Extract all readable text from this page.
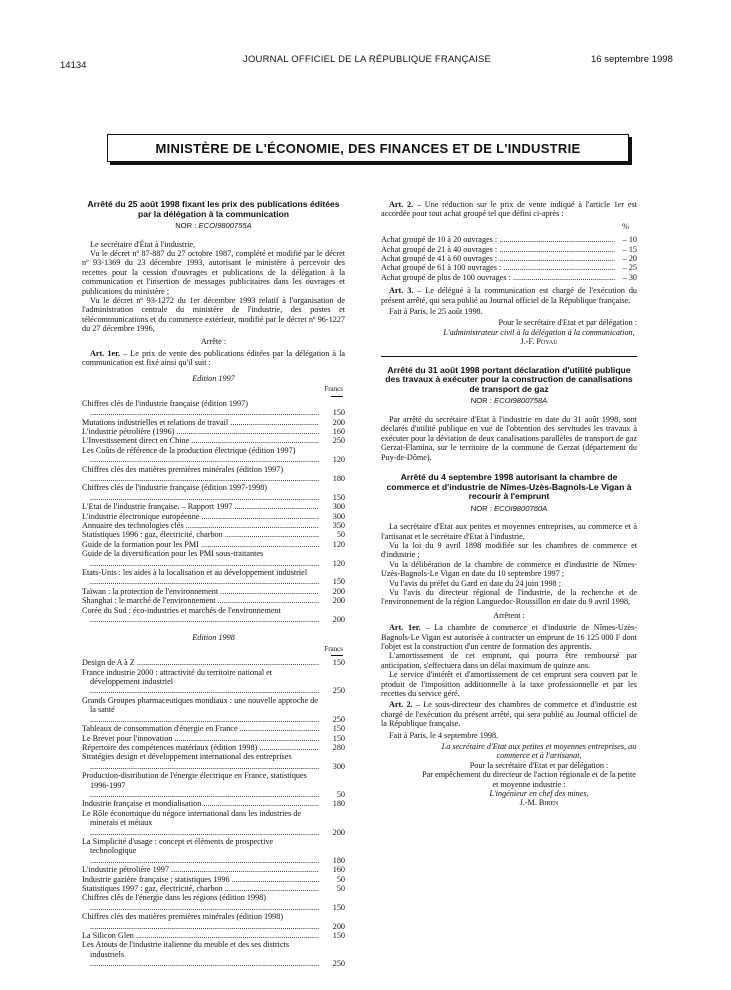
14134
JOURNAL OFFICIEL DE LA RÉPUBLIQUE FRANÇAISE	16 septembre 1998
MINISTÈRE DE L'ÉCONOMIE, DES FINANCES ET DE L'INDUSTRIE
Arrêté du 25 août 1998 fixant les prix des publications éditées par la délégation à la communication
NOR : ECOI9800755A

Le secrétaire d'État à l'industrie,

Vu le décret nº 87-887 du 27 octobre 1987, complété et modifié par le décret nº 93-1369 du 23 décembre 1993, autorisant le ministère à percevoir des recettes pour la cession d'ouvrages et publications de la délégation à la communication et l'insertion de messages publicitaires dans les ouvrages et publications du ministère ;

Vu le décret nº 93-1272 du 1er décembre 1993 relatif à l'organisation de l'administration centrale du ministère de l'industrie, des postes et télécommunications et du commerce extérieur, modifié par le décret nº 96-1227 du 27 décembre 1996,

Arrête :

Art. 1er. – Le prix de vente des publications éditées par la délégation à la communication est fixé ainsi qu'il suit :

Edition 1997
Francs
Chiffres clés de l'industrie française (édition 1997) .....
150
Mutations industrielles et relations de travail .....	200
L'industrie pétrolière (1996) .....	160
L'Investissement direct en Chine .....	250
Les Coûts de référence de la production électrique (édition 1997) .....
120
Chiffres clés des matières premières minérales (édition 1997) .....
180
Chiffres clés de l'industrie française (édition 1997-1998) .....
150
L'Etat de l'industrie française. – Rapport 1997 .....	300
L'industrie électronique européenne .....	300
Annuaire des technologies clés .....	350
Statistiques 1996 : gaz, électricité, charbon .....	50
Guide de la formation pour les PMI .....	120
Guide de la diversification pour les PMI sous-traitantes .....
120
Etats-Unis : les aides à la localisation et au développement industriel .....
150
Taïwan : la protection de l'environnement .....	200
Shanghai : le marché de l'environnement .....	200
Corée du Sud : éco-industries et marchés de l'environnement .....
200
Edition 1998
Francs
Design de A à Z .....	150
France industrie 2000 : attractivité du territoire national et développement industriel .....
250
Grands Groupes pharmaceutiques mondiaux : une nouvelle approche de la santé .....
250
Tableaux de consommation d'énergie en France .....	150
Le Brevet pour l'innovation .....	150
Répertoire des compétences matériaux (édition 1998) .....	280
Stratégies design et développement international des entreprises .....
300
Production-distribution de l'énergie électrique en France, statistiques 1996-1997 .....
50
Industrie française et mondialisation .....	180
Le Rôle économique du négoce international dans les industries de minerais et métaux .....
200
La Simplicité d'usage : concept et éléments de prospective technologique .....
180
L'industrie pétrolière 1997 .....	160
Industrie gazière française ; statistiques 1996 .....	50
Statistiques 1997 : gaz, électricité, charbon .....	50
Chiffres clés de l'énergie dans les régions (édition 1998) .....
150
Chiffres clés des matières premières minérales (édition 1998) .....
200
La Silicon Glen .....	150
Les Atouts de l'industrie italienne du meuble et des ses districts industriels .....
250

Art. 2. – Une réduction sur le prix de vente indiqué à l'article 1er est accordée pour tout achat groupé tel que défini ci-après :

%
Achat groupé de 10 à 20 ouvrages : .....	– 10
Achat groupé de 21 à 40 ouvrages : .....	– 15
Achat groupé de 41 à 60 ouvrages : .....	– 20
Achat groupé de 61 à 100 ouvrages : .....	– 25
Achat groupé de plus de 100 ouvrages : .....	– 30

Art. 3. – Le délégué à la communication est chargé de l'exécution du présent arrêté, qui sera publié au Journal officiel de la République française.

Fait à Paris, le 25 août 1998.

Pour le secrétaire d'Etat et par délégation :

L'administrateur civil à la délégation à la communication,

J.-F. Poyau

Arrêté du 31 août 1998 portant déclaration d'utilité publique des travaux à exécuter pour la construction de canalisations de transport de gaz
NOR : ECOI9800758A

Par arrêté du secrétaire d'Etat à l'industrie en date du 31 août 1998, sont déclarés d'utilité publique en vue de l'obtention des servitudes les travaux à exécuter pour la déviation de deux canalisations parallèles de transport de gaz Gerzat-Flamina, sur le territoire de la commune de Gerzat (département du Puy-de-Dôme).

Arrêté du 4 septembre 1998 autorisant la chambre de commerce et d'industrie de Nîmes-Uzès-Bagnols-Le Vigan à recourir à l'emprunt
NOR : ECOI9800760A

La secrétaire d'Etat aux petites et moyennes entreprises, au commerce et à l'artisanat et le secrétaire d'Etat à l'industrie,

Vu la loi du 9 avril 1898 modifiée sur les chambres de commerce et d'industrie ;

Vu la délibération de la chambre de commerce et d'industrie de Nîmes-Uzès-Bagnols-Le Vigan en date du 10 septembre 1997 ;

Vu l'avis du préfet du Gard en date du 24 juin 1998 ;

Vu l'avis du directeur régional de l'industrie, de la recherche et de l'environnement de la région Languedoc-Roussillon en date du 9 avril 1998,

Arrêtent :

Art. 1er. – La chambre de commerce et d'industrie de Nîmes-Uzès-Bagnols-Le Vigan est autorisée à contracter un emprunt de 16 125 000 F dont l'objet est la construction d'un centre de formation des apprentis.

L'amortissement de cet emprunt, qui pourra être remboursé par anticipation, s'effectuera dans un délai maximum de quinze ans.

Le service d'intérêt et d'amortissement de cet emprunt sera couvert par le produit de l'imposition additionnelle à la taxe professionnelle et par les recettes du service géré.

Art. 2. – Le sous-directeur des chambres de commerce et d'industrie est chargé de l'exécution du présent arrêté, qui sera publié au Journal officiel de la République française.

Fait à Paris, le 4 septembre 1998.

La secrétaire d'Etat aux petites et moyennes entreprises, au commerce et à l'artisanat,

Pour la secrétaire d'Etat et par délégation :

Par empêchement du directeur de l'action régionale et de la petite et moyenne industrie :

L'ingénieur en chef des mines,

J.-M. Biren
